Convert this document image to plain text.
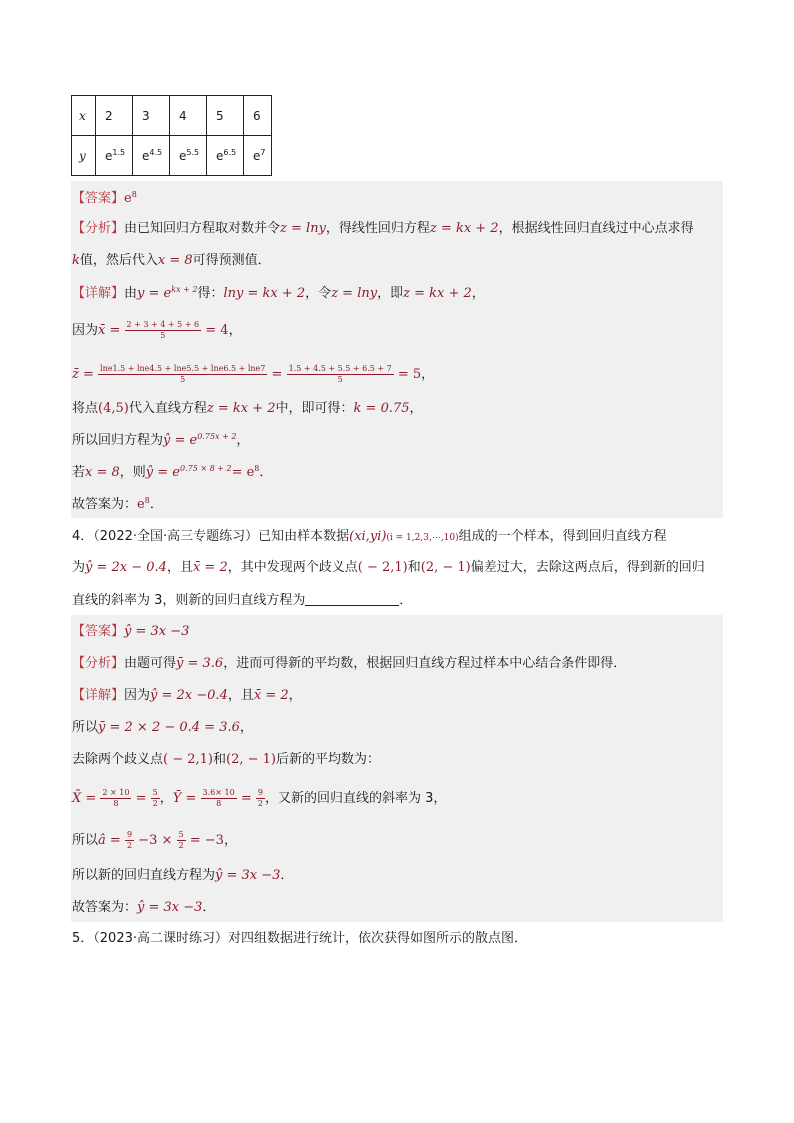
x	2	3	4	5	6
y	$e^{1.5}$	$e^{4.5}$	$e^{5.5}$	$e^{6.5}$	$e^7$
【答案】$e^8$
【分析】由已知回归方程取对数并令z = lny，得线性回归方程z = kx + 2，根据线性回归直线过中心点求得
k值，然后代入x = 8可得预测值．
【详解】由$y = e^{kx + 2}$得：lny = kx + 2，令z = lny，即z = kx + 2，
因为x̄ = $\frac{2 + 3 + 4 + 5 + 6}{5} = 4$，
z̄ = $\frac{\ln e1.5 + \ln e4.5 + \ln e5.5 + \ln e6.5 + \ln e7}{5} = \frac{1.5 + 4.5 + 5.5 + 6.5 + 7}{5} = 5$，
将点(4,5)代入直线方程z = kx + 2中，即可得：k = 0.75，
所以回归方程为ŷ = $e^{0.75x + 2}$，
若x = 8，则ŷ = $e^{0.75 \times 8 + 2}= e^8$．
故答案为：$e^8$．
4．（2022·全国·高三专题练习）已知由样本数据(xi,yi)(i = 1,2,3,⋯,10)组成的一个样本，得到回归直线方程
为ŷ = 2x − 0.4，且x̄ = 2，其中发现两个歧义点( − 2,1)和(2, − 1)偏差过大，去除这两点后，得到新的回归
直线的斜率为 3，则新的回归直线方程为	．
【答案】ŷ = 3x −3
【分析】由题可得ȳ = 3.6，进而可得新的平均数，根据回归直线方程过样本中心结合条件即得．
【详解】因为ŷ = 2x −0.4，且x̄ = 2，
所以ȳ = 2 × 2 − 0.4 = 3.6，
去除两个歧义点( − 2,1)和(2, − 1)后新的平均数为：
X̄ = $\frac{2 \times 10}{8} = \frac{5}{2}$ ，Ȳ = $\frac{3.6\times 10}{8} = \frac{9}{2}$ ，又新的回归直线的斜率为 3，
所以â = $\frac{9}{2} -3 \times \frac{5}{2} = -3$，
所以新的回归直线方程为ŷ = 3x −3．
故答案为：ŷ = 3x −3．
5．（2023·高二课时练习）对四组数据进行统计，依次获得如图所示的散点图．
